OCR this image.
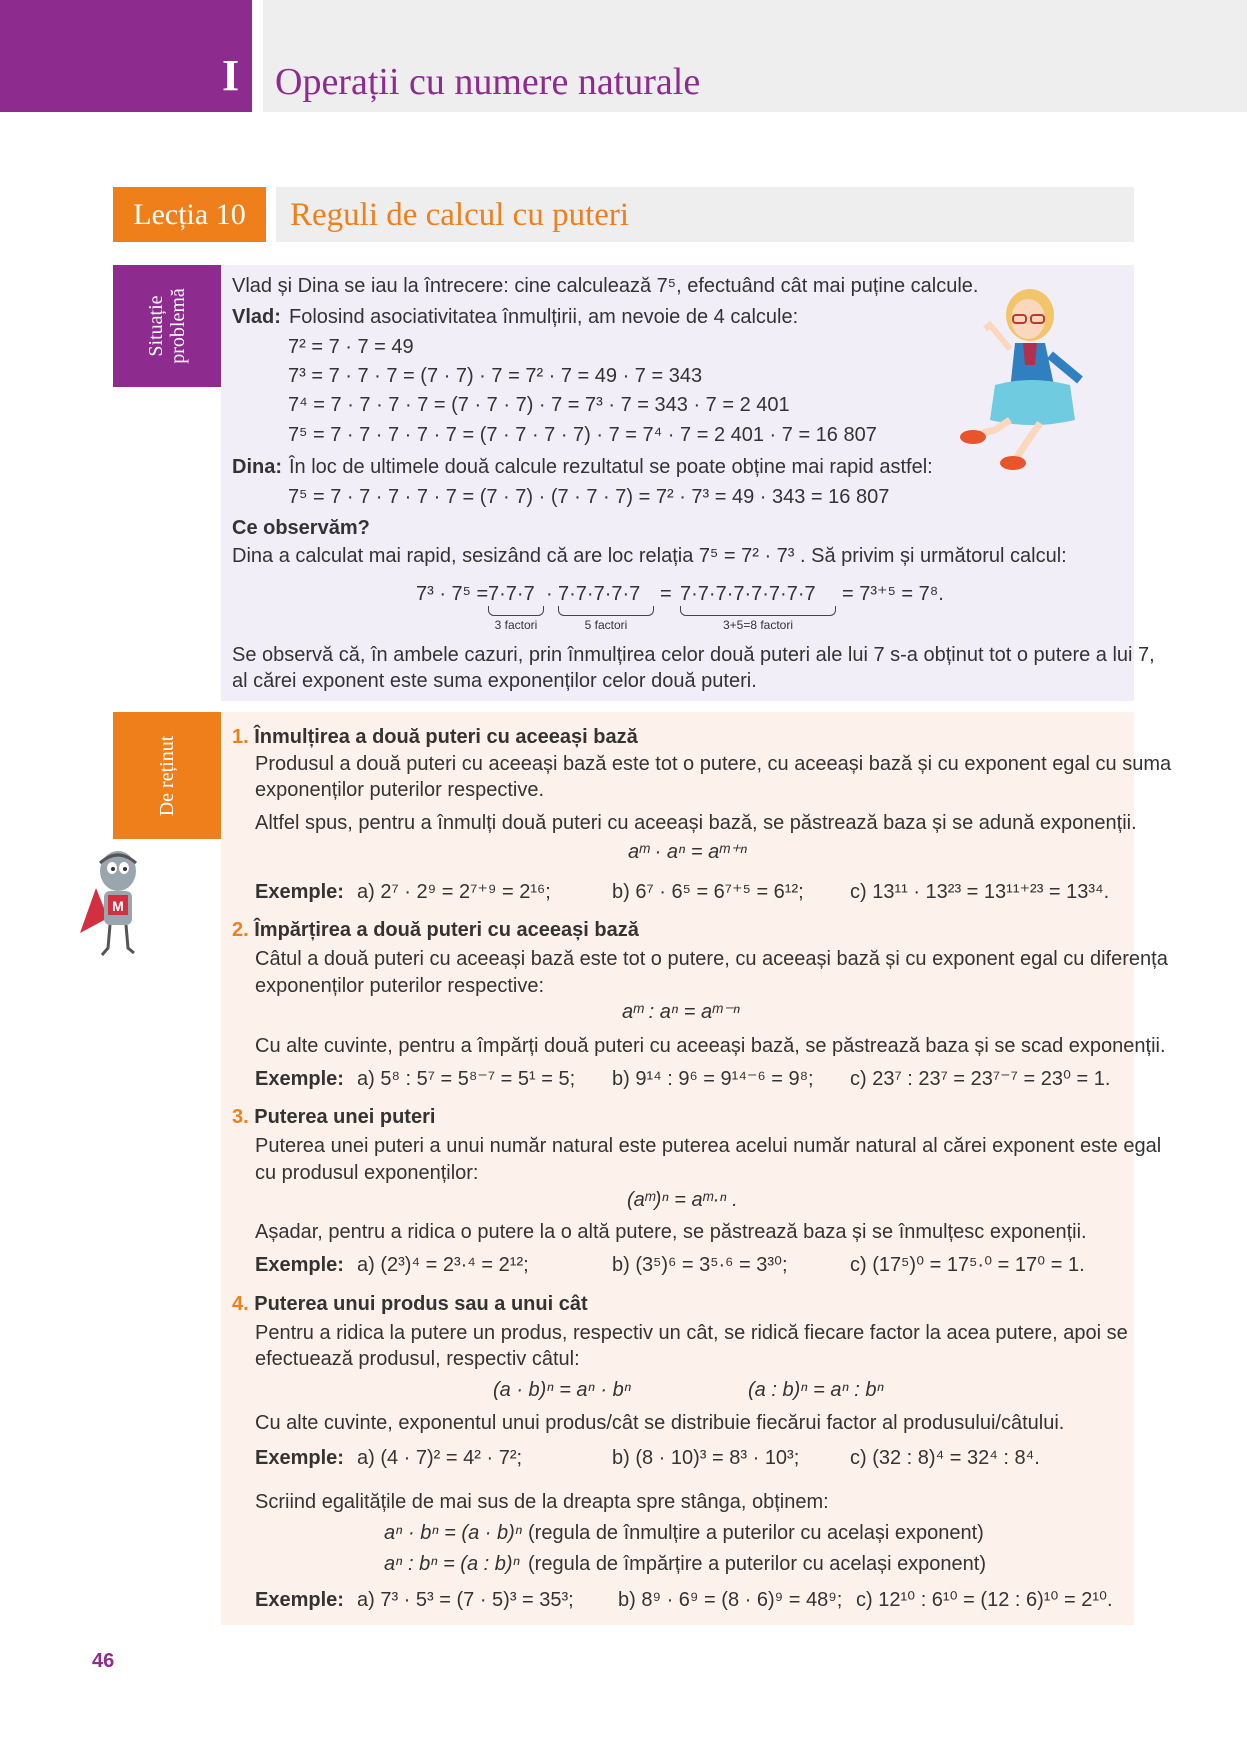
I Operații cu numere naturale
Lecția 10	Reguli de calcul cu puteri
Situație problemă
Vlad și Dina se iau la întrecere: cine calculează 7⁵, efectuând cât mai puține calcule.
Vlad: Folosind asociativitatea înmulțirii, am nevoie de 4 calcule:
7² = 7 · 7 = 49
7³ = 7 · 7 · 7 = (7 · 7) · 7 = 7² · 7 = 49 · 7 = 343
7⁴ = 7 · 7 · 7 · 7 = (7 · 7 · 7) · 7 = 7³ · 7 = 343 · 7 = 2 401
7⁵ = 7 · 7 · 7 · 7 · 7 = (7 · 7 · 7 · 7) · 7 = 7⁴ · 7 = 2 401 · 7 = 16 807
Dina: În loc de ultimele două calcule rezultatul se poate obține mai rapid astfel:
7⁵ = 7 · 7 · 7 · 7 · 7 = (7 · 7) · (7 · 7 · 7) = 7² · 7³ = 49 · 343 = 16 807
Ce observăm?
Dina a calculat mai rapid, sesizând că are loc relația 7⁵ = 7² · 7³ . Să privim și următorul calcul:
7³ · 7⁵ = 7·7·7 · 7·7·7·7·7 = 7·7·7·7·7·7·7·7 = 7³⁺⁵ = 7⁸.
3 factori	5 factori	3+5=8 factori
Se observă că, în ambele cazuri, prin înmulțirea celor două puteri ale lui 7 s-a obținut tot o putere a lui 7,
al cărei exponent este suma exponenților celor două puteri.
De reținut
M
1. Înmulțirea a două puteri cu aceeași bază
Produsul a două puteri cu aceeași bază este tot o putere, cu aceeași bază și cu exponent egal cu suma
exponenților puterilor respective.
Altfel spus, pentru a înmulți două puteri cu aceeași bază, se păstrează baza și se adună exponenții.
aᵐ · aⁿ = aᵐ⁺ⁿ
Exemple: a) 2⁷ · 2⁹ = 2⁷⁺⁹ = 2¹⁶;	b) 6⁷ · 6⁵ = 6⁷⁺⁵ = 6¹²; c) 13¹¹ · 13²³ = 13¹¹⁺²³ = 13³⁴.
2. Împărțirea a două puteri cu aceeași bază
Câtul a două puteri cu aceeași bază este tot o putere, cu aceeași bază și cu exponent egal cu diferența
exponenților puterilor respective:
aᵐ : aⁿ = aᵐ⁻ⁿ
Cu alte cuvinte, pentru a împărți două puteri cu aceeași bază, se păstrează baza și se scad exponenții.
Exemple: a) 5⁸ : 5⁷ = 5⁸⁻⁷ = 5¹ = 5; b) 9¹⁴ : 9⁶ = 9¹⁴⁻⁶ = 9⁸; c) 23⁷ : 23⁷ = 23⁷⁻⁷ = 23⁰ = 1.
3. Puterea unei puteri
Puterea unei puteri a unui număr natural este puterea acelui număr natural al cărei exponent este egal
cu produsul exponenților:
(aᵐ)ⁿ = aᵐ·ⁿ .
Așadar, pentru a ridica o putere la o altă putere, se păstrează baza și se înmulțesc exponenții.
Exemple: a) (2³)⁴ = 2³·⁴ = 2¹²;	b) (3⁵)⁶ = 3⁵·⁶ = 3³⁰;	c) (17⁵)⁰ = 17⁵·⁰ = 17⁰ = 1.
4. Puterea unui produs sau a unui cât
Pentru a ridica la putere un produs, respectiv un cât, se ridică fiecare factor la acea putere, apoi se
efectuează produsul, respectiv câtul:
(a · b)ⁿ = aⁿ · bⁿ	(a : b)ⁿ = aⁿ : bⁿ
Cu alte cuvinte, exponentul unui produs/cât se distribuie fiecărui factor al produsului/câtului.
Exemple: a) (4 · 7)² = 4² · 7²;	b) (8 · 10)³ = 8³ · 10³;	c) (32 : 8)⁴ = 32⁴ : 8⁴.
Scriind egalitățile de mai sus de la dreapta spre stânga, obținem:
aⁿ · bⁿ = (a · b)ⁿ (regula de înmulțire a puterilor cu același exponent)
aⁿ : bⁿ = (a : b)ⁿ (regula de împărțire a puterilor cu același exponent)
Exemple: a) 7³ · 5³ = (7 · 5)³ = 35³; b) 8⁹ · 6⁹ = (8 · 6)⁹ = 48⁹; c) 12¹⁰ : 6¹⁰ = (12 : 6)¹⁰ = 2¹⁰.
46
